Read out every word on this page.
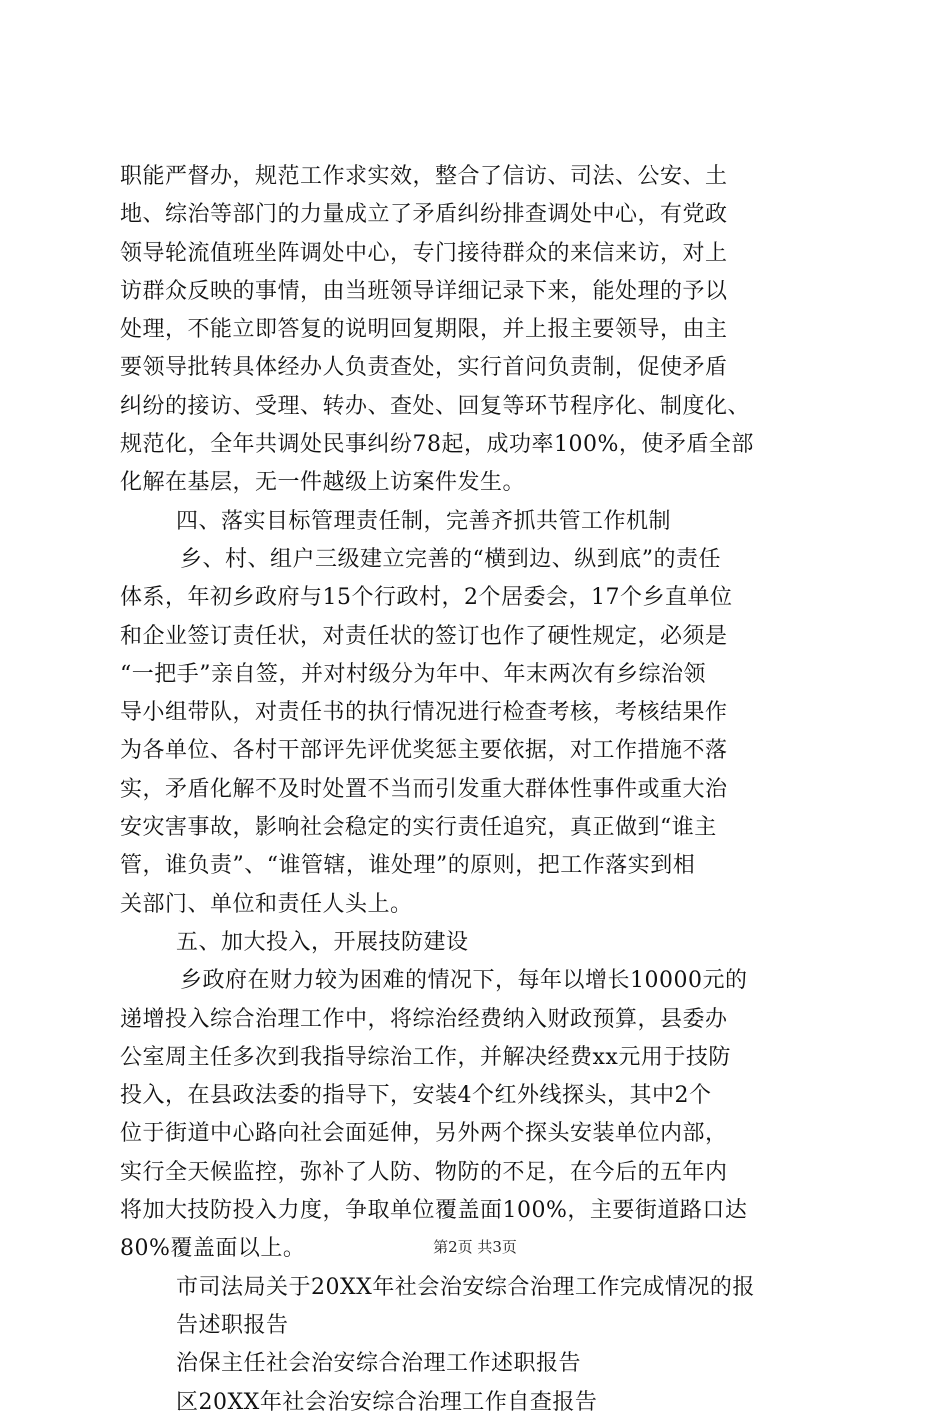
职能严督办，规范工作求实效，整合了信访、司法、公安、土
地、综治等部门的力量成立了矛盾纠纷排查调处中心，有党政
领导轮流值班坐阵调处中心，专门接待群众的来信来访，对上
访群众反映的事情，由当班领导详细记录下来，能处理的予以
处理，不能立即答复的说明回复期限，并上报主要领导，由主
要领导批转具体经办人负责查处，实行首问负责制，促使矛盾
纠纷的接访、受理、转办、查处、回复等环节程序化、制度化、
规范化，全年共调处民事纠纷78起，成功率100%，使矛盾全部
化解在基层，无一件越级上访案件发生。
四、落实目标管理责任制，完善齐抓共管工作机制
乡、村、组户三级建立完善的“横到边、纵到底”的责任
体系，年初乡政府与15个行政村，2个居委会，17个乡直单位
和企业签订责任状，对责任状的签订也作了硬性规定，必须是
“一把手”亲自签，并对村级分为年中、年末两次有乡综治领
导小组带队，对责任书的执行情况进行检查考核，考核结果作
为各单位、各村干部评先评优奖惩主要依据，对工作措施不落
实，矛盾化解不及时处置不当而引发重大群体性事件或重大治
安灾害事故，影响社会稳定的实行责任追究，真正做到“谁主
管，谁负责”、“谁管辖，谁处理”的原则，把工作落实到相
关部门、单位和责任人头上。
五、加大投入，开展技防建设
乡政府在财力较为困难的情况下，每年以增长10000元的
递增投入综合治理工作中，将综治经费纳入财政预算，县委办
公室周主任多次到我指导综治工作，并解决经费xx元用于技防
投入，在县政法委的指导下，安装4个红外线探头，其中2个
位于街道中心路向社会面延伸，另外两个探头安装单位内部，
实行全天候监控，弥补了人防、物防的不足，在今后的五年内
将加大技防投入力度，争取单位覆盖面100%，主要街道路口达
80%覆盖面以上。
市司法局关于20XX年社会治安综合治理工作完成情况的报
告述职报告
治保主任社会治安综合治理工作述职报告
区20XX年社会治安综合治理工作自查报告
第2页 共3页
